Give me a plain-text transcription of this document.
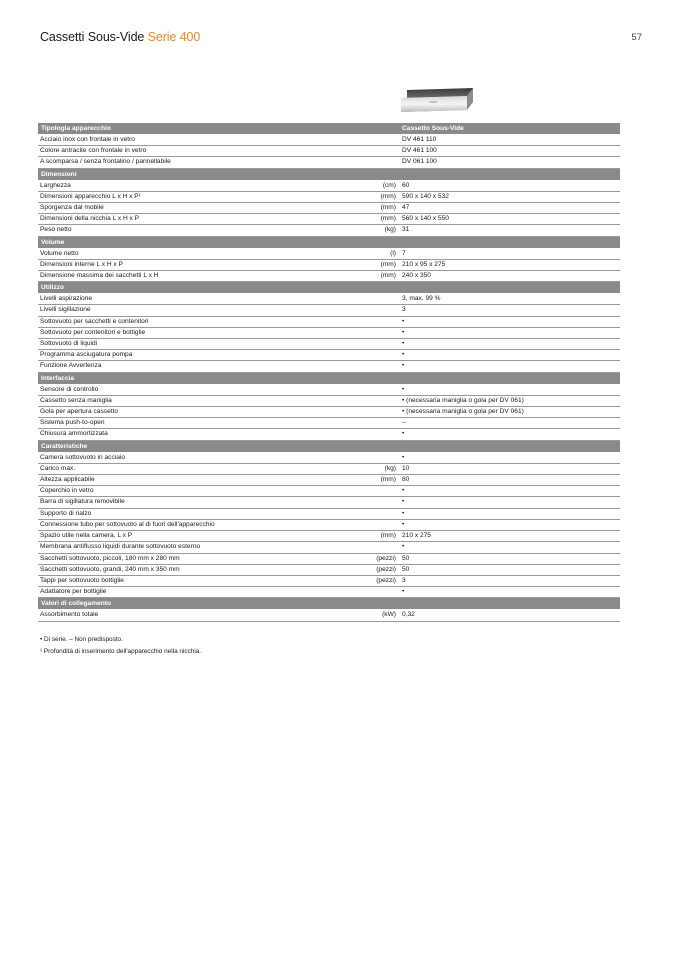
Cassetti Sous-Vide Serie 400	57
Tipologia apparecchio			Cassetto Sous-Vide
Acciaio inox con frontale in vetro			DV 461 110
Colore antracite con frontale in vetro			DV 461 100
A scomparsa / senza frontalino / pannellabile			DV 061 100
Dimensioni			
Larghezza	(cm)		60
Dimensioni apparecchio L x H x P¹	(mm)		590 x 140 x 532
Sporgenza dal mobile	(mm)		47
Dimensioni della nicchia L x H x P	(mm)		560 x 140 x 550
Peso netto	(kg)		31
Volume			
Volume netto	(l)		7
Dimensioni interne L x H x P	(mm)		210 x 95 x 275
Dimensione massima dei sacchetti L x H	(mm)		240 x 350
Utilizzo			
Livelli aspirazione			3, max. 99 %
Livelli sigillazione			3
Sottovuoto per sacchetti e contenitori			•
Sottovuoto per contenitori e bottiglie			•
Sottovuoto di liquidi			•
Programma asciugatura pompa			•
Funzione Avvertenza			•
Interfaccia			
Sensore di controllo			•
Cassetto senza maniglia			• (necessaria maniglia o gola per DV 061)
Gola per apertura cassetto			• (necessaria maniglia o gola per DV 061)
Sistema push-to-open			–
Chiusura ammortizzata			•
Caratteristiche			
Camera sottovuoto in acciaio			•
Carico max.	(kg)		10
Altezza applicabile	(mm)		80
Coperchio in vetro			•
Barra di sigillatura removibile			•
Supporto di rialzo			•
Connessione tubo per sottovuoto al di fuori dell'apparecchio			•
Spazio utile nella camera, L x P	(mm)		210 x 275
Membrana antiflusso liquidi durante sottovuoto esterno			•
Sacchetti sottovuoto, piccoli, 180 mm x 280 mm	(pezzi)		50
Sacchetti sottovuoto, grandi, 240 mm x 350 mm	(pezzi)		50
Tappi per sottovuoto bottiglie	(pezzi)		3
Adattatore per bottiglie			•
Valori di collegamento			
Assorbimento totale	(kW)		0,32
• Di serie. – Non predisposto.
¹ Profondità di inserimento dell'apparecchio nella nicchia.
